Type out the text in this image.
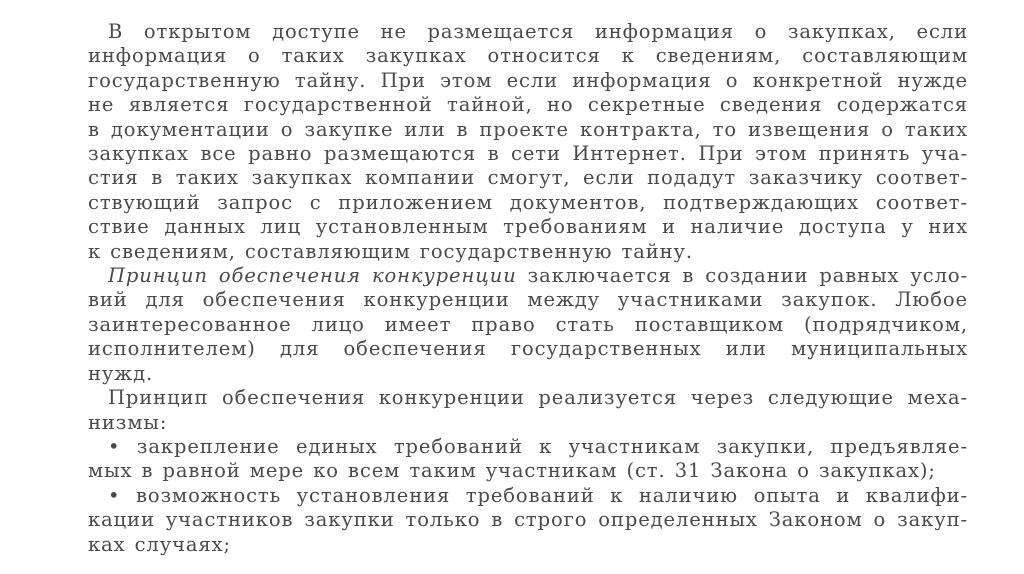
В открытом доступе не размещается информация о закупках, если
информация о таких закупках относится к сведениям, составляющим
государственную тайну. При этом если информация о конкретной нужде
не является государственной тайной, но секретные сведения содержатся
в документации о закупке или в проекте контракта, то извещения о таких
закупках все равно размещаются в сети Интернет. При этом принять уча-
стия в таких закупках компании смогут, если подадут заказчику соответ-
ствующий запрос с приложением документов, подтверждающих соответ-
ствие данных лиц установленным требованиям и наличие доступа у них
к сведениям, составляющим государственную тайну.
Принцип обеспечения конкуренции заключается в создании равных усло-
вий для обеспечения конкуренции между участниками закупок. Любое
заинтересованное лицо имеет право стать поставщиком (подрядчиком,
исполнителем) для обеспечения государственных или муниципальных
нужд.
Принцип обеспечения конкуренции реализуется через следующие меха-
низмы:
• закрепление единых требований к участникам закупки, предъявляе-
мых в равной мере ко всем таким участникам (ст. 31 Закона о закупках);
• возможность установления требований к наличию опыта и квалифи-
кации участников закупки только в строго определенных Законом о закуп-
ках случаях;
